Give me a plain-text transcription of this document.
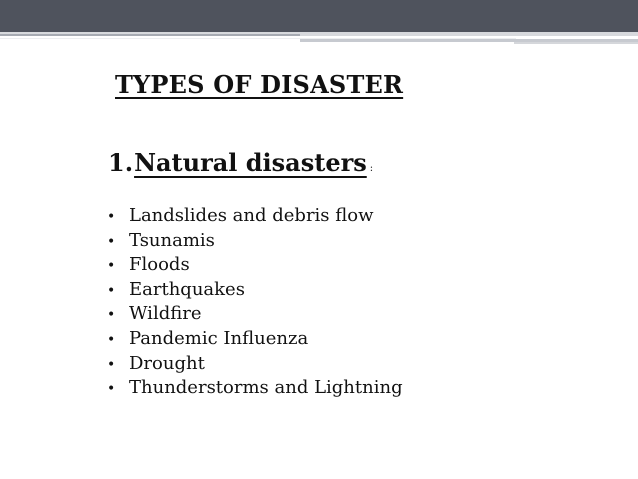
TYPES OF DISASTER
1.Natural disasters :
• Landslides and debris flow
• Tsunamis
• Floods
• Earthquakes
• Wildfire
• Pandemic Influenza
• Drought
• Thunderstorms and Lightning
